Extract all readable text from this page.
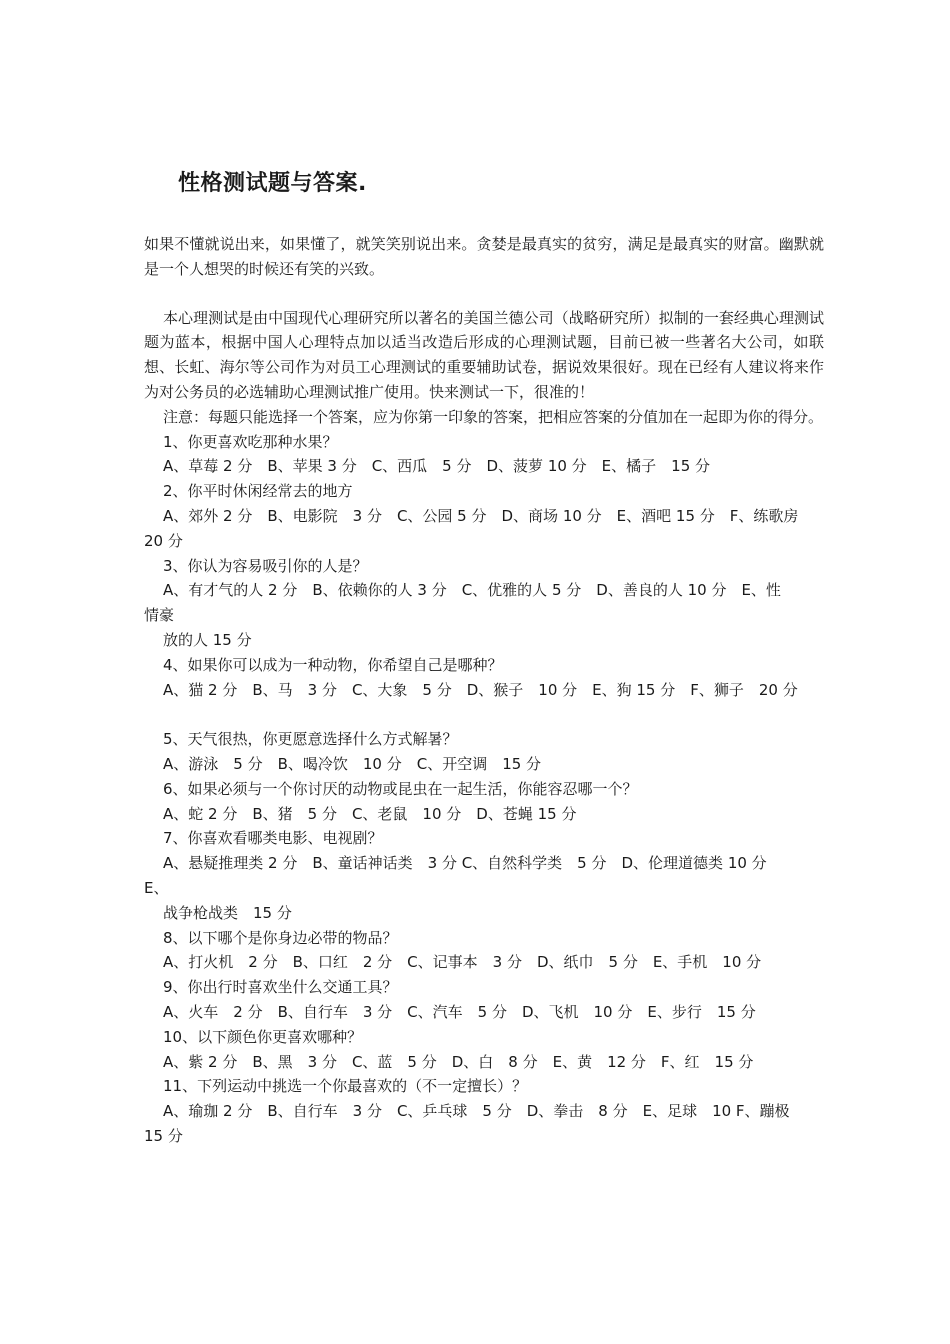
性格测试题与答案.

如果不懂就说出来，如果懂了，就笑笑别说出来。贪婪是最真实的贫穷，满足是最真实的财富。幽默就是一个人想哭的时候还有笑的兴致。

本心理测试是由中国现代心理研究所以著名的美国兰德公司（战略研究所）拟制的一套经典心理测试题为蓝本，根据中国人心理特点加以适当改造后形成的心理测试题，目前已被一些著名大公司，如联想、长虹、海尔等公司作为对员工心理测试的重要辅助试卷，据说效果很好。现在已经有人建议将来作为对公务员的必选辅助心理测试推广使用。快来测试一下，很准的！

注意：每题只能选择一个答案，应为你第一印象的答案，把相应答案的分值加在一起即为你的得分。

1、你更喜欢吃那种水果？
A、草莓 2 分　B、苹果 3 分　C、西瓜　5 分　D、菠萝 10 分　E、橘子　15 分
2、你平时休闲经常去的地方
A、郊外 2 分　B、电影院　3 分　C、公园 5 分　D、商场 10 分　E、酒吧 15 分　F、练歌房
20 分
3、你认为容易吸引你的人是？
A、有才气的人 2 分　B、依赖你的人 3 分　C、优雅的人 5 分　D、善良的人 10 分　E、性
情豪
放的人 15 分
4、如果你可以成为一种动物，你希望自己是哪种？
A、猫 2 分　B、马　3 分　C、大象　5 分　D、猴子　10 分　E、狗 15 分　F、狮子　20 分

5、天气很热，你更愿意选择什么方式解暑？
A、游泳　5 分　B、喝冷饮　10 分　C、开空调　15 分
6、如果必须与一个你讨厌的动物或昆虫在一起生活，你能容忍哪一个？
A、蛇 2 分　B、猪　5 分　C、老鼠　10 分　D、苍蝇 15 分
7、你喜欢看哪类电影、电视剧？
A、悬疑推理类 2 分　B、童话神话类　3 分 C、自然科学类　5 分　D、伦理道德类 10 分
E、
战争枪战类　15 分
8、以下哪个是你身边必带的物品？
A、打火机　2 分　B、口红　2 分　C、记事本　3 分　D、纸巾　5 分　E、手机　10 分
9、你出行时喜欢坐什么交通工具？
A、火车　2 分　B、自行车　3 分　C、汽车　5 分　D、飞机　10 分　E、步行　15 分
10、以下颜色你更喜欢哪种？
A、紫 2 分　B、黑　3 分　C、蓝　5 分　D、白　8 分　E、黄　12 分　F、红　15 分
11、下列运动中挑选一个你最喜欢的（不一定擅长）？
A、瑜珈 2 分　B、自行车　3 分　C、乒乓球　5 分　D、拳击　8 分　E、足球　10 F、蹦极
15 分
